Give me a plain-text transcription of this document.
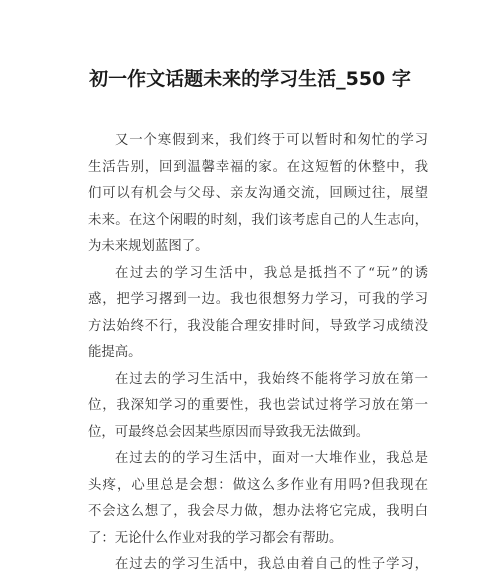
初一作文话题未来的学习生活_550 字
又一个寒假到来，我们终于可以暂时和匆忙的学习
生活告别，回到温馨幸福的家。在这短暂的休整中，我
们可以有机会与父母、亲友沟通交流，回顾过往，展望
未来。在这个闲暇的时刻，我们该考虑自己的人生志向，
为未来规划蓝图了。
在过去的学习生活中，我总是抵挡不了“玩”的诱
惑，把学习撂到一边。我也很想努力学习，可我的学习
方法始终不行，我没能合理安排时间，导致学习成绩没
能提高。
在过去的学习生活中，我始终不能将学习放在第一
位，我深知学习的重要性，我也尝试过将学习放在第一
位，可最终总会因某些原因而导致我无法做到。
在过去的的学习生活中，面对一大堆作业，我总是
头疼，心里总是会想：做这么多作业有用吗?但我现在
不会这么想了，我会尽力做，想办法将它完成，我明白
了：无论什么作业对我的学习都会有帮助。
在过去的学习生活中，我总由着自己的性子学习，
